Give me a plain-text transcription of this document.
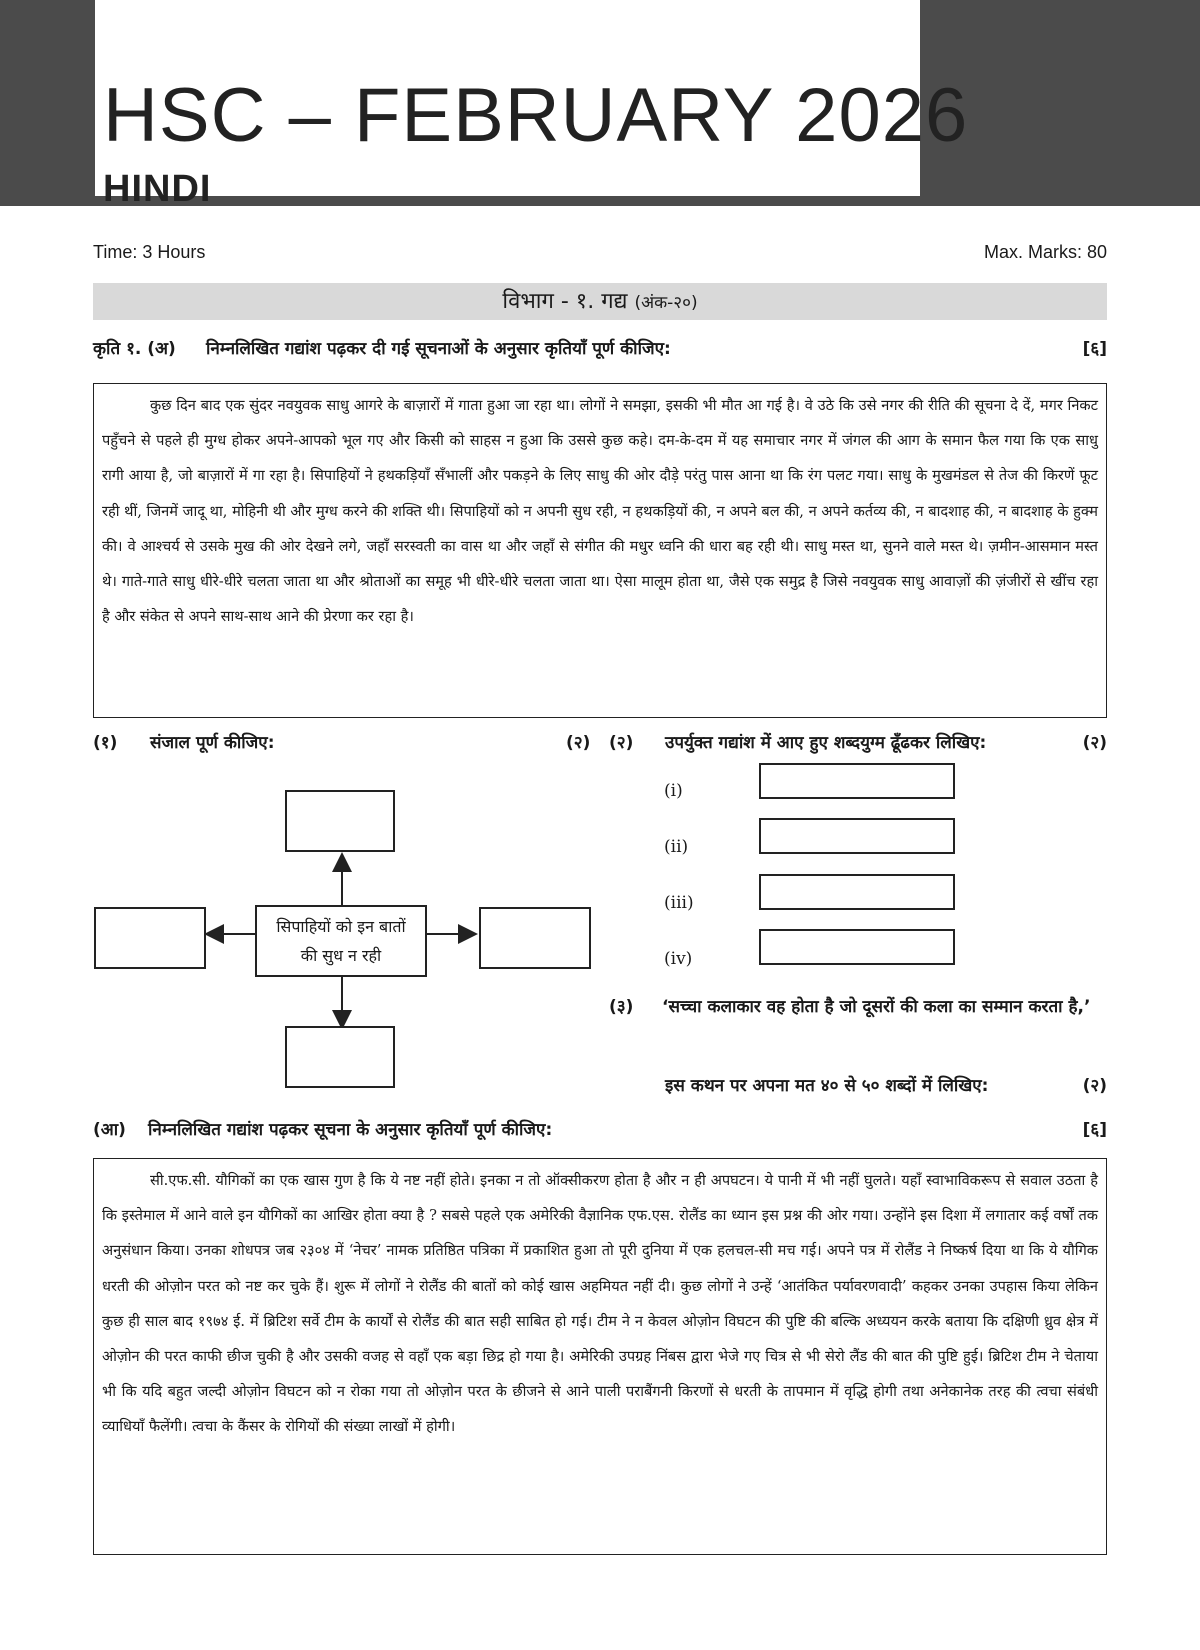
HSC – FEBRUARY 2026
HINDI
Time: 3 Hours	Max. Marks: 80
विभाग - १. गद्य (अंक-२०)
कृति १. (अ) निम्नलिखित गद्यांश पढ़कर दी गई सूचनाओं के अनुसार कृतियाँ पूर्ण कीजिए:	[६]

कुछ दिन बाद एक सुंदर नवयुवक साधु आगरे के बाज़ारों में गाता हुआ जा रहा था। लोगों ने समझा, इसकी भी मौत आ गई है। वे उठे कि उसे नगर की रीति की सूचना दे दें, मगर निकट पहुँचने से पहले ही मुग्ध होकर अपने-आपको भूल गए और किसी को साहस न हुआ कि उससे कुछ कहे। दम-के-दम में यह समाचार नगर में जंगल की आग के समान फैल गया कि एक साधु रागी आया है, जो बाज़ारों में गा रहा है। सिपाहियों ने हथकड़ियाँ सँभालीं और पकड़ने के लिए साधु की ओर दौड़े परंतु पास आना था कि रंग पलट गया। साधु के मुखमंडल से तेज की किरणें फूट रही थीं, जिनमें जादू था, मोहिनी थी और मुग्ध करने की शक्ति थी। सिपाहियों को न अपनी सुध रही, न हथकड़ियों की, न अपने बल की, न अपने कर्तव्य की, न बादशाह की, न बादशाह के हुक्म की। वे आश्चर्य से उसके मुख की ओर देखने लगे, जहाँ सरस्वती का वास था और जहाँ से संगीत की मधुर ध्वनि की धारा बह रही थी। साधु मस्त था, सुनने वाले मस्त थे। ज़मीन-आसमान मस्त थे। गाते-गाते साधु धीरे-धीरे चलता जाता था और श्रोताओं का समूह भी धीरे-धीरे चलता जाता था। ऐसा मालूम होता था, जैसे एक समुद्र है जिसे नवयुवक साधु आवाज़ों की ज़ंजीरों से खींच रहा है और संकेत से अपने साथ-साथ आने की प्रेरणा कर रहा है।

(१) संजाल पूर्ण कीजिए:	(२)
सिपाहियों को इन बातों की सुध न रही
(२) उपर्युक्त गद्यांश में आए हुए शब्दयुग्म ढूँढकर लिखिए:	(२)
(i)
(ii)
(iii)
(iv)
(३) ‘सच्चा कलाकार वह होता है जो दूसरों की कला का सम्मान करता है,’
इस कथन पर अपना मत ४० से ५० शब्दों में लिखिए:	(२)
(आ) निम्नलिखित गद्यांश पढ़कर सूचना के अनुसार कृतियाँ पूर्ण कीजिए:	[६]

सी.एफ.सी. यौगिकों का एक खास गुण है कि ये नष्ट नहीं होते। इनका न तो ऑक्सीकरण होता है और न ही अपघटन। ये पानी में भी नहीं घुलते। यहाँ स्वाभाविकरूप से सवाल उठता है कि इस्तेमाल में आने वाले इन यौगिकों का आखिर होता क्या है ? सबसे पहले एक अमेरिकी वैज्ञानिक एफ.एस. रोलैंड का ध्यान इस प्रश्न की ओर गया। उन्होंने इस दिशा में लगातार कई वर्षों तक अनुसंधान किया। उनका शोधपत्र जब २३०४ में ‘नेचर’ नामक प्रतिष्ठित पत्रिका में प्रकाशित हुआ तो पूरी दुनिया में एक हलचल-सी मच गई। अपने पत्र में रोलैंड ने निष्कर्ष दिया था कि ये यौगिक धरती की ओज़ोन परत को नष्ट कर चुके हैं। शुरू में लोगों ने रोलैंड की बातों को कोई खास अहमियत नहीं दी। कुछ लोगों ने उन्हें ‘आतंकित पर्यावरणवादी’ कहकर उनका उपहास किया लेकिन कुछ ही साल बाद १९७४ ई. में ब्रिटिश सर्वे टीम के कार्यों से रोलैंड की बात सही साबित हो गई। टीम ने न केवल ओज़ोन विघटन की पुष्टि की बल्कि अध्ययन करके बताया कि दक्षिणी ध्रुव क्षेत्र में ओज़ोन की परत काफी छीज चुकी है और उसकी वजह से वहाँ एक बड़ा छिद्र हो गया है। अमेरिकी उपग्रह निंबस द्वारा भेजे गए चित्र से भी सेरो लैंड की बात की पुष्टि हुई। ब्रिटिश टीम ने चेताया भी कि यदि बहुत जल्दी ओज़ोन विघटन को न रोका गया तो ओज़ोन परत के छीजने से आने पाली पराबैंगनी किरणों से धरती के तापमान में वृद्धि होगी तथा अनेकानेक तरह की त्वचा संबंधी व्याधियाँ फैलेंगी। त्वचा के कैंसर के रोगियों की संख्या लाखों में होगी।
